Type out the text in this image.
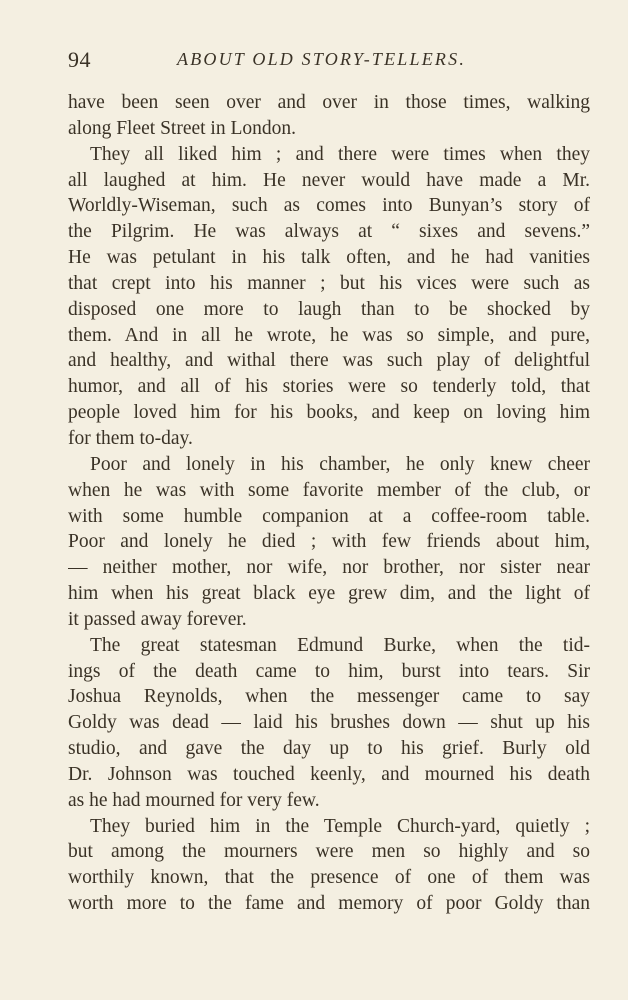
94	ABOUT OLD STORY-TELLERS.
have been seen over and over in those times, walking
along Fleet Street in London.
They all liked him ; and there were times when they
all laughed at him. He never would have made a Mr.
Worldly-Wiseman, such as comes into Bunyan’s story of
the Pilgrim. He was always at “ sixes and sevens.”
He was petulant in his talk often, and he had vanities
that crept into his manner ; but his vices were such as
disposed one more to laugh than to be shocked by
them. And in all he wrote, he was so simple, and pure,
and healthy, and withal there was such play of delightful
humor, and all of his stories were so tenderly told, that
people loved him for his books, and keep on loving him
for them to-day.
Poor and lonely in his chamber, he only knew cheer
when he was with some favorite member of the club, or
with some humble companion at a coffee-room table.
Poor and lonely he died ; with few friends about him,
— neither mother, nor wife, nor brother, nor sister near
him when his great black eye grew dim, and the light of
it passed away forever.
The great statesman Edmund Burke, when the tid-
ings of the death came to him, burst into tears. Sir
Joshua Reynolds, when the messenger came to say
Goldy was dead — laid his brushes down — shut up his
studio, and gave the day up to his grief. Burly old
Dr. Johnson was touched keenly, and mourned his death
as he had mourned for very few.
They buried him in the Temple Church-yard, quietly ;
but among the mourners were men so highly and so
worthily known, that the presence of one of them was
worth more to the fame and memory of poor Goldy than
